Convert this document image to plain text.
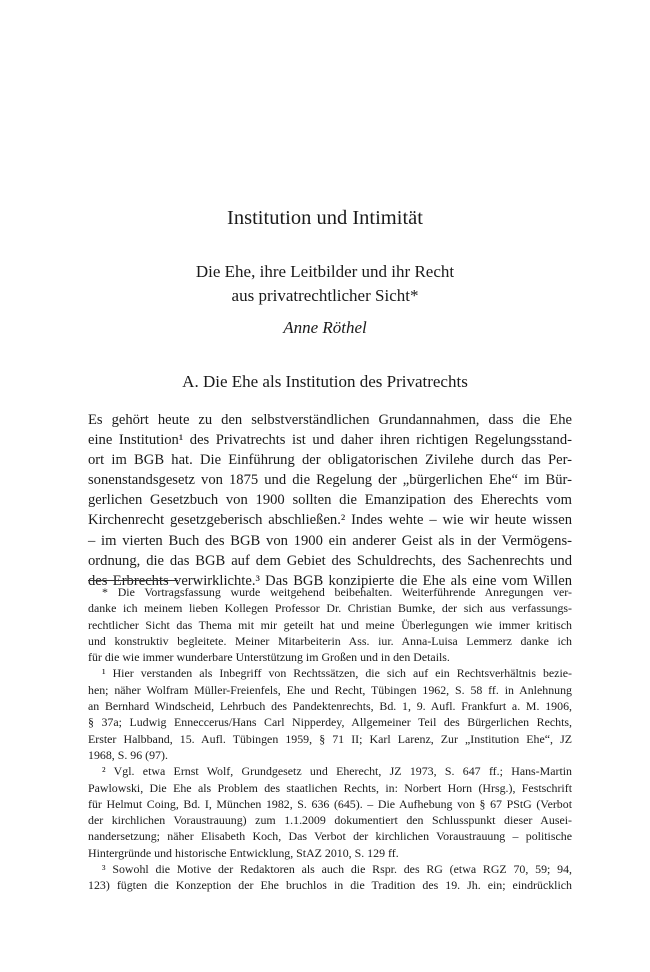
Institution und Intimität
Die Ehe, ihre Leitbilder und ihr Recht
aus privatrechtlicher Sicht*
Anne Röthel
A. Die Ehe als Institution des Privatrechts
Es gehört heute zu den selbstverständlichen Grundannahmen, dass die Ehe
eine Institution¹ des Privatrechts ist und daher ihren richtigen Regelungsstand-
ort im BGB hat. Die Einführung der obligatorischen Zivilehe durch das Per-
sonenstandsgesetz von 1875 und die Regelung der „bürgerlichen Ehe“ im Bür-
gerlichen Gesetzbuch von 1900 sollten die Emanzipation des Eherechts vom
Kirchenrecht gesetzgeberisch abschließen.² Indes wehte – wie wir heute wissen
– im vierten Buch des BGB von 1900 ein anderer Geist als in der Vermögens-
ordnung, die das BGB auf dem Gebiet des Schuldrechts, des Sachenrechts und
des Erbrechts verwirklichte.³ Das BGB konzipierte die Ehe als eine vom Willen
* Die Vortragsfassung wurde weitgehend beibehalten. Weiterführende Anregungen ver-
danke ich meinem lieben Kollegen Professor Dr. Christian Bumke, der sich aus verfassungs-
rechtlicher Sicht das Thema mit mir geteilt hat und meine Überlegungen wie immer kritisch
und konstruktiv begleitete. Meiner Mitarbeiterin Ass. iur. Anna-Luisa Lemmerz danke ich
für die wie immer wunderbare Unterstützung im Großen und in den Details.
¹ Hier verstanden als Inbegriff von Rechtssätzen, die sich auf ein Rechtsverhältnis bezie-
hen; näher Wolfram Müller-Freienfels, Ehe und Recht, Tübingen 1962, S. 58 ff. in Anlehnung
an Bernhard Windscheid, Lehrbuch des Pandektenrechts, Bd. 1, 9. Aufl. Frankfurt a. M. 1906,
§ 37a; Ludwig Enneccerus/Hans Carl Nipperdey, Allgemeiner Teil des Bürgerlichen Rechts,
Erster Halbband, 15. Aufl. Tübingen 1959, § 71 II; Karl Larenz, Zur „Institution Ehe“, JZ
1968, S. 96 (97).
² Vgl. etwa Ernst Wolf, Grundgesetz und Eherecht, JZ 1973, S. 647 ff.; Hans-Martin
Pawlowski, Die Ehe als Problem des staatlichen Rechts, in: Norbert Horn (Hrsg.), Festschrift
für Helmut Coing, Bd. I, München 1982, S. 636 (645). – Die Aufhebung von § 67 PStG (Verbot
der kirchlichen Voraustrauung) zum 1.1.2009 dokumentiert den Schlusspunkt dieser Ausei-
nandersetzung; näher Elisabeth Koch, Das Verbot der kirchlichen Voraustrauung – politische
Hintergründe und historische Entwicklung, StAZ 2010, S. 129 ff.
³ Sowohl die Motive der Redaktoren als auch die Rspr. des RG (etwa RGZ 70, 59; 94,
123) fügten die Konzeption der Ehe bruchlos in die Tradition des 19. Jh. ein; eindrücklich
